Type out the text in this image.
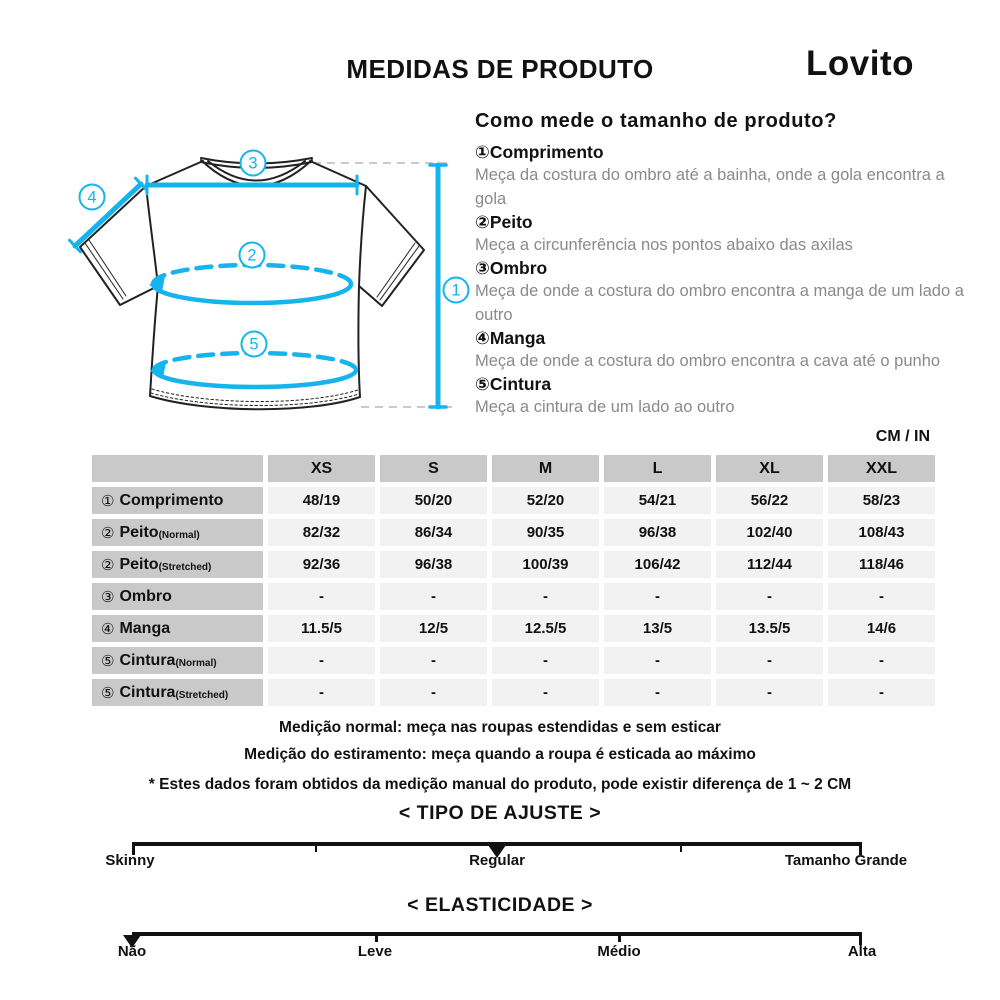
MEDIDAS DE PRODUTO	Lovito
3
4
2
5
1
Como mede o tamanho de produto?
①Comprimento
Meça da costura do ombro até a bainha, onde a gola encontra a gola
②Peito
Meça a circunferência nos pontos abaixo das axilas
③Ombro
Meça de onde a costura do ombro encontra a manga de um lado a outro
④Manga
Meça de onde a costura do ombro encontra a cava até o punho
⑤Cintura
Meça a cintura de um lado ao outro
CM / IN
XS	S	M	L	XL	XXL
① Comprimento	48/19	50/20	52/20	54/21	56/22	58/23
② Peito (Normal)	82/32	86/34	90/35	96/38	102/40	108/43
② Peito (Stretched)	92/36	96/38	100/39	106/42	112/44	118/46
③ Ombro	-	-	-	-	-	-
④ Manga	11.5/5	12/5	12.5/5	13/5	13.5/5	14/6
⑤ Cintura (Normal)	-	-	-	-	-	-
⑤ Cintura (Stretched)	-	-	-	-	-	-
Medição normal: meça nas roupas estendidas e sem esticar
Medição do estiramento: meça quando a roupa é esticada ao máximo
* Estes dados foram obtidos da medição manual do produto, pode existir diferença de 1 ~ 2 CM
< TIPO DE AJUSTE >
Skinny	Regular	Tamanho Grande
< ELASTICIDADE >
Não	Leve	Médio	Alta
